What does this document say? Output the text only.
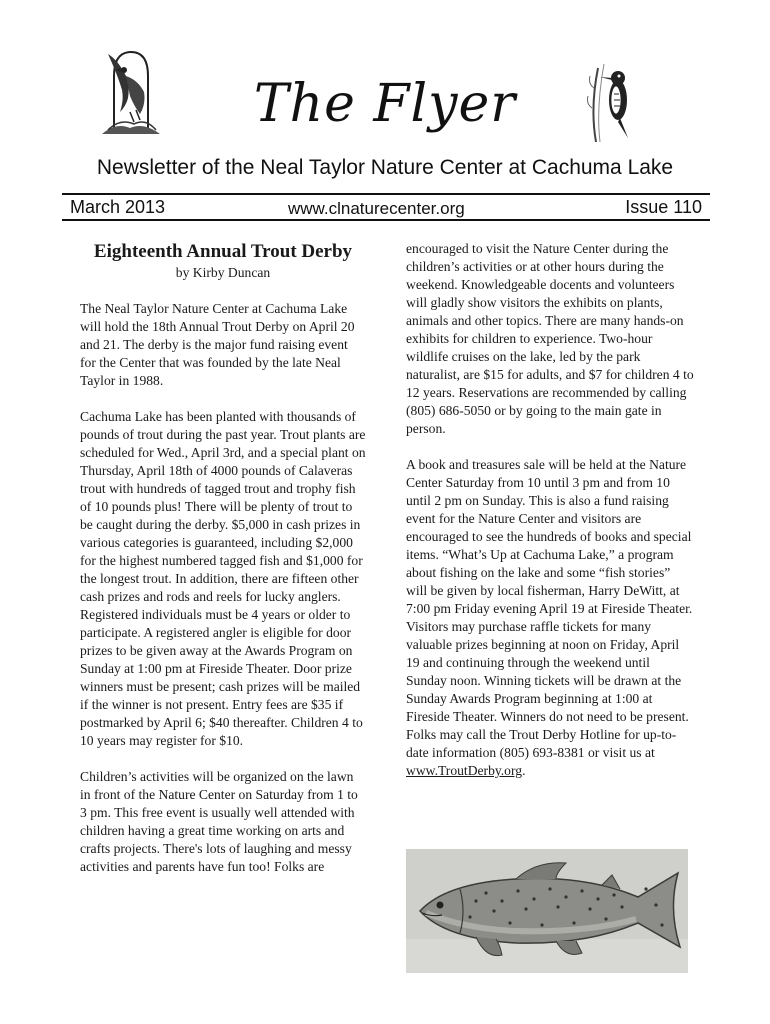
The Flyer
Newsletter of the Neal Taylor Nature Center at Cachuma Lake
March 2013	www.clnaturecenter.org	Issue 110
Eighteenth Annual Trout Derby
by Kirby Duncan

The Neal Taylor Nature Center at Cachuma Lake will hold the 18th Annual Trout Derby on April 20 and 21. The derby is the major fund raising event for the Center that was founded by the late Neal Taylor in 1988.

Cachuma Lake has been planted with thousands of pounds of trout during the past year. Trout plants are scheduled for Wed., April 3rd, and a special plant on Thursday, April 18th of 4000 pounds of Calaveras trout with hundreds of tagged trout and trophy fish of 10 pounds plus! There will be plenty of trout to be caught during the derby. $5,000 in cash prizes in various categories is guaranteed, including $2,000 for the highest numbered tagged fish and $1,000 for the longest trout. In addition, there are fifteen other cash prizes and rods and reels for lucky anglers. Registered individuals must be 4 years or older to participate. A registered angler is eligible for door prizes to be given away at the Awards Program on Sunday at 1:00 pm at Fireside Theater. Door prize winners must be present; cash prizes will be mailed if the winner is not present. Entry fees are $35 if postmarked by April 6; $40 thereafter. Children 4 to 10 years may register for $10.

Children’s activities will be organized on the lawn in front of the Nature Center on Saturday from 1 to 3 pm. This free event is usually well attended with children having a great time working on arts and crafts projects. There's lots of laughing and messy activities and parents have fun too! Folks are

encouraged to visit the Nature Center during the children’s activities or at other hours during the weekend. Knowledgeable docents and volunteers will gladly show visitors the exhibits on plants, animals and other topics. There are many hands-on exhibits for children to experience. Two-hour wildlife cruises on the lake, led by the park naturalist, are $15 for adults, and $7 for children 4 to 12 years. Reservations are recommended by calling (805) 686-5050 or by going to the main gate in person.

A book and treasures sale will be held at the Nature Center Saturday from 10 until 3 pm and from 10 until 2 pm on Sunday. This is also a fund raising event for the Nature Center and visitors are encouraged to see the hundreds of books and special items. “What’s Up at Cachuma Lake,” a program about fishing on the lake and some “fish stories” will be given by local fisherman, Harry DeWitt, at 7:00 pm Friday evening April 19 at Fireside Theater. Visitors may purchase raffle tickets for many valuable prizes beginning at noon on Friday, April 19 and continuing through the weekend until Sunday noon. Winning tickets will be drawn at the Sunday Awards Program beginning at 1:00 at Fireside Theater. Winners do not need to be present. Folks may call the Trout Derby Hotline for up-to-date information (805) 693-8381 or visit us at www.TroutDerby.org.
